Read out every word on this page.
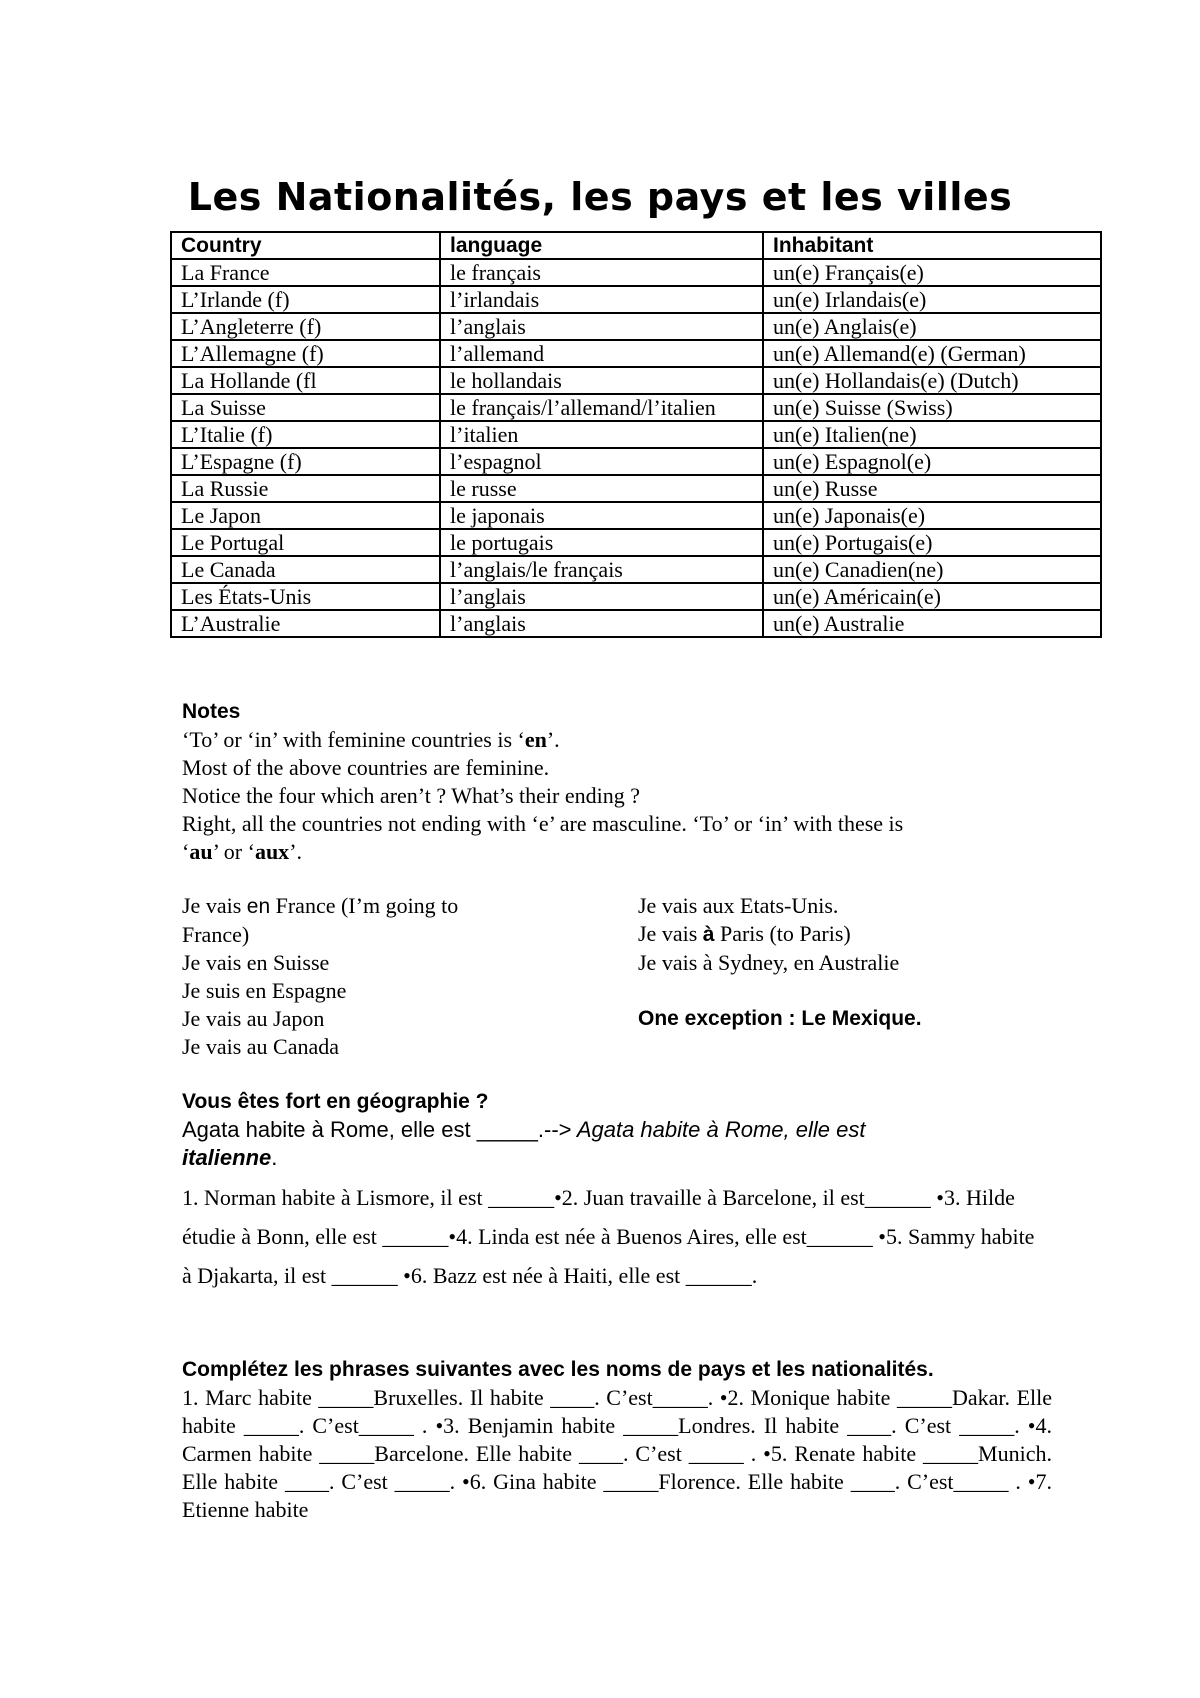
Les Nationalités, les pays et les villes
Country	language	Inhabitant
La France	le français	un(e) Français(e)
L’Irlande (f)	l’irlandais	un(e) Irlandais(e)
L’Angleterre (f)	l’anglais	un(e) Anglais(e)
L’Allemagne (f)	l’allemand	un(e) Allemand(e) (German)
La Hollande (fl	le hollandais	un(e) Hollandais(e) (Dutch)
La Suisse	le français/l’allemand/l’italien	un(e) Suisse (Swiss)
L’Italie (f)	l’italien	un(e) Italien(ne)
L’Espagne (f)	l’espagnol	un(e) Espagnol(e)
La Russie	le russe	un(e) Russe
Le Japon	le japonais	un(e) Japonais(e)
Le Portugal	le portugais	un(e) Portugais(e)
Le Canada	l’anglais/le français	un(e) Canadien(ne)
Les États-Unis	l’anglais	un(e) Américain(e)
L’Australie	l’anglais	un(e) Australie
Notes
‘To’ or ‘in’ with feminine countries is ‘en’.
Most of the above countries are feminine.
Notice the four which aren’t ? What’s their ending ?
Right, all the countries not ending with ‘e’ are masculine. ‘To’ or ‘in’ with these is
‘au’ or ‘aux’.
Je vais en France (I’m going to
France)
Je vais en Suisse
Je suis en Espagne
Je vais au Japon
Je vais au Canada
Je vais aux Etats-Unis.
Je vais à Paris (to Paris)
Je vais à Sydney, en Australie
One exception : Le Mexique.
Vous êtes fort en géographie ?
Agata habite à Rome, elle est _____.--> Agata habite à Rome, elle est
italienne.
1. Norman habite à Lismore, il est ______•2. Juan travaille à Barcelone, il est______ •3. Hilde étudie à Bonn, elle est ______•4. Linda est née à Buenos Aires, elle est______ •5. Sammy habite à Djakarta, il est ______ •6. Bazz est née à Haiti, elle est ______.
Complétez les phrases suivantes avec les noms de pays et les nationalités.
1. Marc habite _____Bruxelles. Il habite ____. C’est_____. •2. Monique habite _____Dakar. Elle habite _____. C’est_____ . •3. Benjamin habite _____Londres. Il habite ____. C’est _____. •4. Carmen habite _____Barcelone. Elle habite ____. C’est _____ . •5. Renate habite _____Munich. Elle habite ____. C’est _____. •6. Gina habite _____Florence. Elle habite ____. C’est_____ . •7. Etienne habite
